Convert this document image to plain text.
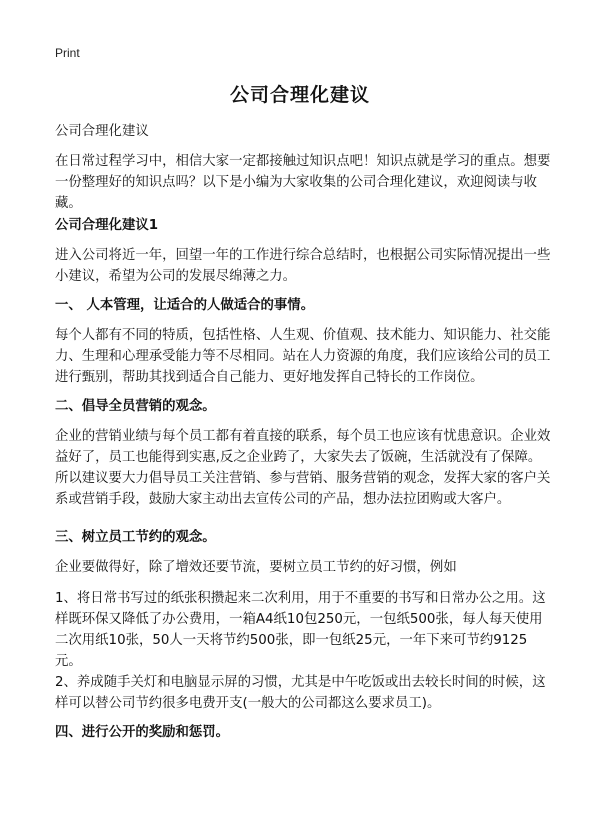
Print
公司合理化建议

公司合理化建议

在日常过程学习中，相信大家一定都接触过知识点吧！知识点就是学习的重点。想要一份整理好的知识点吗？以下是小编为大家收集的公司合理化建议，欢迎阅读与收藏。

公司合理化建议1

进入公司将近一年，回望一年的工作进行综合总结时，也根据公司实际情况提出一些小建议，希望为公司的发展尽绵薄之力。

一、 人本管理，让适合的人做适合的事情。

每个人都有不同的特质，包括性格、人生观、价值观、技术能力、知识能力、社交能力、生理和心理承受能力等不尽相同。站在人力资源的角度，我们应该给公司的员工进行甄别，帮助其找到适合自己能力、更好地发挥自己特长的工作岗位。

二、倡导全员营销的观念。

企业的营销业绩与每个员工都有着直接的联系，每个员工也应该有忧患意识。企业效益好了，员工也能得到实惠,反之企业跨了，大家失去了饭碗，生活就没有了保障。所以建议要大力倡导员工关注营销、参与营销、服务营销的观念，发挥大家的客户关系或营销手段，鼓励大家主动出去宣传公司的产品，想办法拉团购或大客户。

三、树立员工节约的观念。

企业要做得好，除了增效还要节流，要树立员工节约的好习惯，例如

1、将日常书写过的纸张积攒起来二次利用，用于不重要的书写和日常办公之用。这样既环保又降低了办公费用，一箱A4纸10包250元，一包纸500张，每人每天使用二次用纸10张，50人一天将节约500张，即一包纸25元，一年下来可节约9125元。

2、养成随手关灯和电脑显示屏的习惯，尤其是中午吃饭或出去较长时间的时候，这样可以替公司节约很多电费开支(一般大的公司都这么要求员工)。

四、进行公开的奖励和惩罚。
